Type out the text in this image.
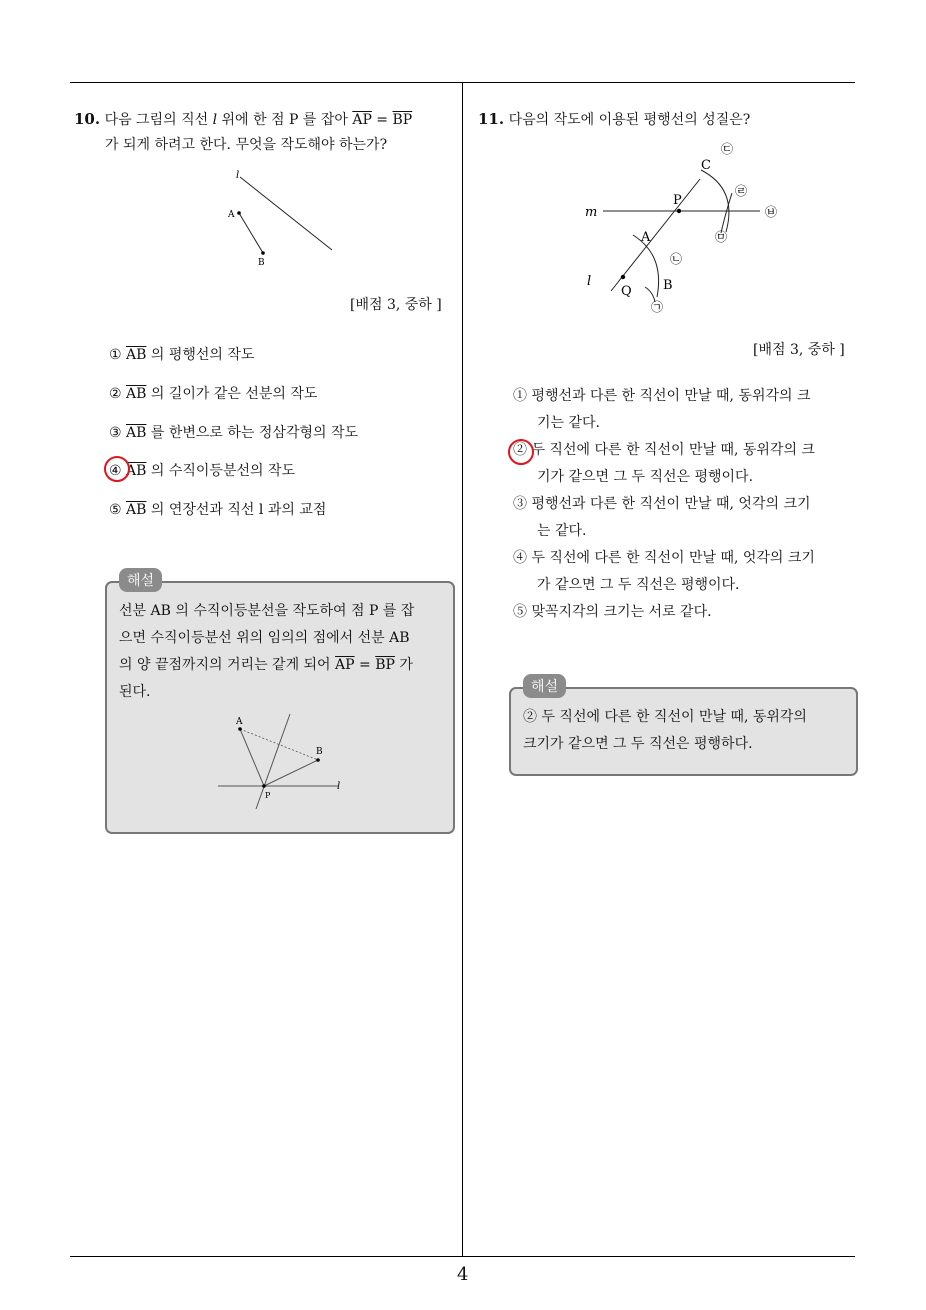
10. 다음 그림의 직선 l 위에 한 점 P 를 잡아 $\overline{AP} = \overline{BP}$
가 되게 하려고 한다. 무엇을 작도해야 하는가?
l
A
B
[배점 3, 중하 ]
① $\overline{AB}$ 의 평행선의 작도
② $\overline{AB}$ 의 길이가 같은 선분의 작도
③ $\overline{AB}$ 를 한변으로 하는 정삼각형의 작도
④ $\overline{AB}$ 의 수직이등분선의 작도
⑤ $\overline{AB}$ 의 연장선과 직선 l 과의 교점
해설
선분 AB 의 수직이등분선을 작도하여 점 P 를 잡
으면 수직이등분선 위의 임의의 점에서 선분 AB
의 양 끝점까지의 거리는 같게 되어 $\overline{AP} = \overline{BP}$ 가
된다.
A
B
P
l
11. 다음의 작도에 이용된 평행선의 성질은?
C
P
A
Q B
m
l
㉠
㉡
㉢
㉣
㉤
㉥
[배점 3, 중하 ]
① 평행선과 다른 한 직선이 만날 때, 동위각의 크
기는 같다.
② 두 직선에 다른 한 직선이 만날 때, 동위각의 크
기가 같으면 그 두 직선은 평행이다.
③ 평행선과 다른 한 직선이 만날 때, 엇각의 크기
는 같다.
④ 두 직선에 다른 한 직선이 만날 때, 엇각의 크기
가 같으면 그 두 직선은 평행이다.
⑤ 맞꼭지각의 크기는 서로 같다.
해설
② 두 직선에 다른 한 직선이 만날 때, 동위각의
크기가 같으면 그 두 직선은 평행하다.
4
